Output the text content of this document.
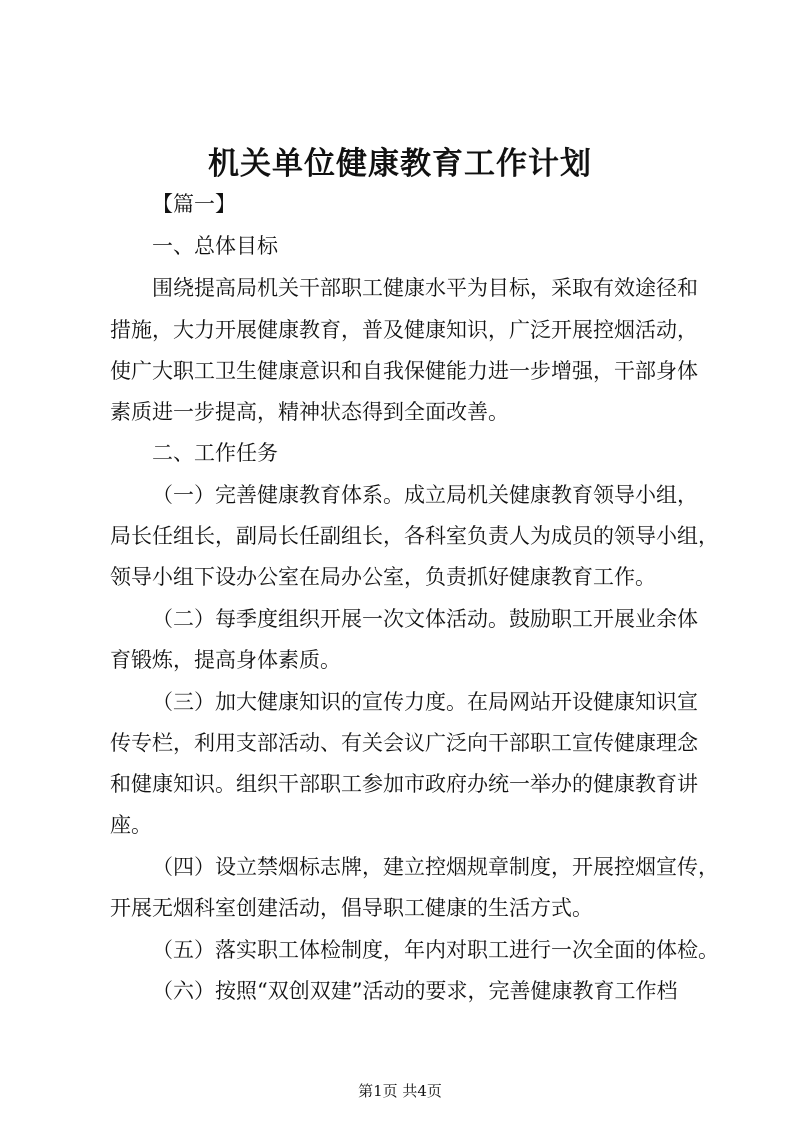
机关单位健康教育工作计划
【篇一】
一、总体目标
围绕提高局机关干部职工健康水平为目标，采取有效途径和
措施，大力开展健康教育，普及健康知识，广泛开展控烟活动，
使广大职工卫生健康意识和自我保健能力进一步增强，干部身体
素质进一步提高，精神状态得到全面改善。
二、工作任务
（一）完善健康教育体系。成立局机关健康教育领导小组，
局长任组长，副局长任副组长，各科室负责人为成员的领导小组，
领导小组下设办公室在局办公室，负责抓好健康教育工作。
（二）每季度组织开展一次文体活动。鼓励职工开展业余体
育锻炼，提高身体素质。
（三）加大健康知识的宣传力度。在局网站开设健康知识宣
传专栏，利用支部活动、有关会议广泛向干部职工宣传健康理念
和健康知识。组织干部职工参加市政府办统一举办的健康教育讲
座。
（四）设立禁烟标志牌，建立控烟规章制度，开展控烟宣传，
开展无烟科室创建活动，倡导职工健康的生活方式。
（五）落实职工体检制度，年内对职工进行一次全面的体检。
（六）按照“双创双建”活动的要求，完善健康教育工作档
第1页 共4页
